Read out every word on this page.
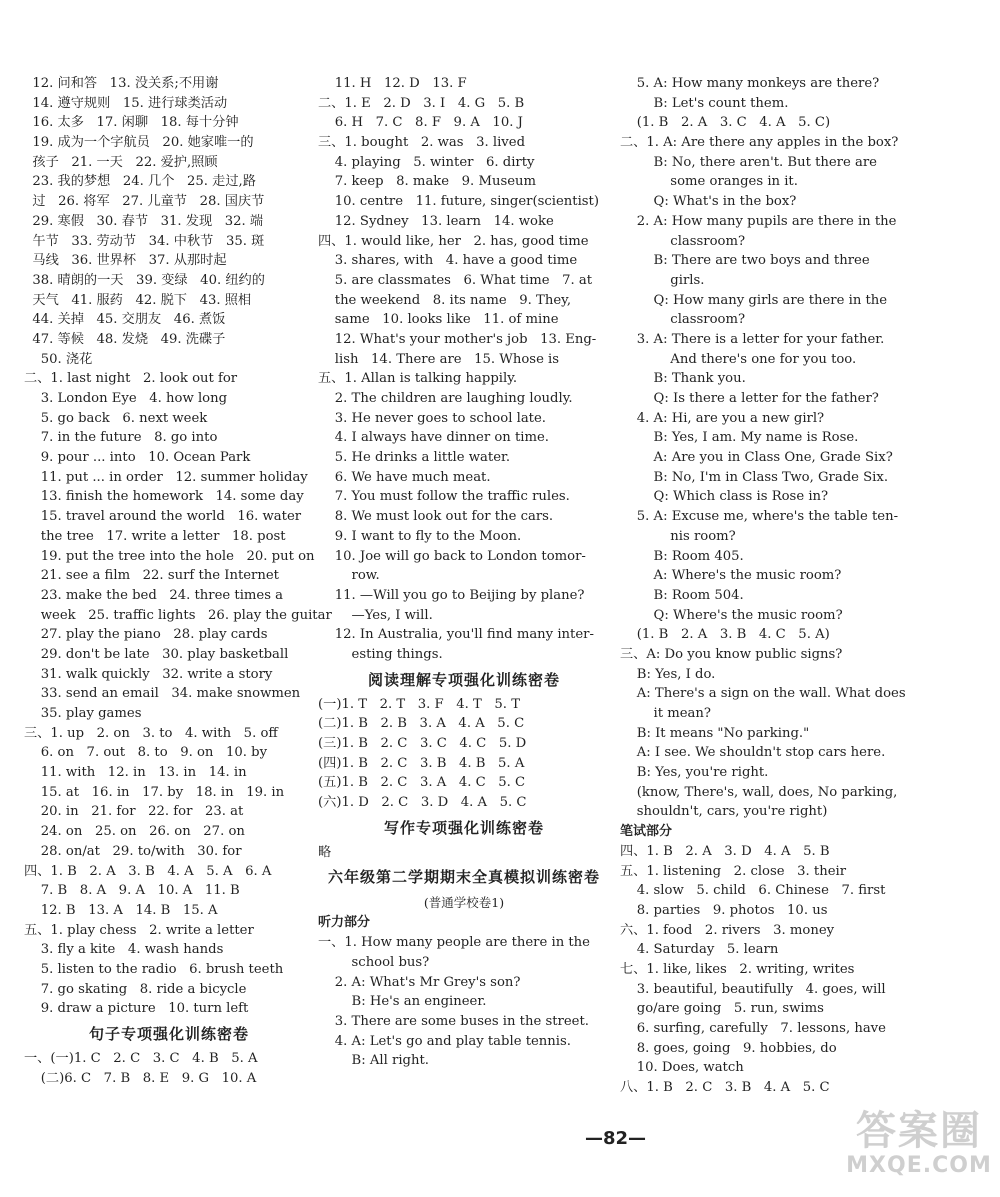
12. 问和答   13. 没关系;不用谢
14. 遵守规则   15. 进行球类活动
16. 太多   17. 闲聊   18. 每十分钟
19. 成为一个字航员   20. 她家唯一的
孩子   21. 一天   22. 爱护,照顾
23. 我的梦想   24. 几个   25. 走过,路
过   26. 将军   27. 儿童节   28. 国庆节
29. 寒假   30. 春节   31. 发现   32. 端
午节   33. 劳动节   34. 中秋节   35. 斑
马线   36. 世界杯   37. 从那时起
38. 晴朗的一天   39. 变绿   40. 纽约的
天气   41. 服药   42. 脱下   43. 照相
44. 关掉   45. 交朋友   46. 煮饭
47. 等候   48. 发烧   49. 洗碟子
50. 浇花
二、1. last night   2. look out for
3. London Eye   4. how long
5. go back   6. next week
7. in the future   8. go into
9. pour ... into   10. Ocean Park
11. put ... in order   12. summer holiday
13. finish the homework   14. some day
15. travel around the world   16. water
the tree   17. write a letter   18. post
19. put the tree into the hole   20. put on
21. see a film   22. surf the Internet
23. make the bed   24. three times a
week   25. traffic lights   26. play the guitar
27. play the piano   28. play cards
29. don't be late   30. play basketball
31. walk quickly   32. write a story
33. send an email   34. make snowmen
35. play games
三、1. up   2. on   3. to   4. with   5. off
6. on   7. out   8. to   9. on   10. by
11. with   12. in   13. in   14. in
15. at   16. in   17. by   18. in   19. in
20. in   21. for   22. for   23. at
24. on   25. on   26. on   27. on
28. on/at   29. to/with   30. for
四、1. B   2. A   3. B   4. A   5. A   6. A
7. B   8. A   9. A   10. A   11. B
12. B   13. A   14. B   15. A
五、1. play chess   2. write a letter
3. fly a kite   4. wash hands
5. listen to the radio   6. brush teeth
7. go skating   8. ride a bicycle
9. draw a picture   10. turn left
句子专项强化训练密卷
一、(一)1. C   2. C   3. C   4. B   5. A
(二)6. C   7. B   8. E   9. G   10. A
11. H   12. D   13. F
二、1. E   2. D   3. I   4. G   5. B
6. H   7. C   8. F   9. A   10. J
三、1. bought   2. was   3. lived
4. playing   5. winter   6. dirty
7. keep   8. make   9. Museum
10. centre   11. future, singer(scientist)
12. Sydney   13. learn   14. woke
四、1. would like, her   2. has, good time
3. shares, with   4. have a good time
5. are classmates   6. What time   7. at
the weekend   8. its name   9. They,
same   10. looks like   11. of mine
12. What's your mother's job   13. Eng-
lish   14. There are   15. Whose is
五、1. Allan is talking happily.
2. The children are laughing loudly.
3. He never goes to school late.
4. I always have dinner on time.
5. He drinks a little water.
6. We have much meat.
7. You must follow the traffic rules.
8. We must look out for the cars.
9. I want to fly to the Moon.
10. Joe will go back to London tomor-
row.
11. —Will you go to Beijing by plane?
—Yes, I will.
12. In Australia, you'll find many inter-
esting things.
阅读理解专项强化训练密卷
(一)1. T   2. T   3. F   4. T   5. T
(二)1. B   2. B   3. A   4. A   5. C
(三)1. B   2. C   3. C   4. C   5. D
(四)1. B   2. C   3. B   4. B   5. A
(五)1. B   2. C   3. A   4. C   5. C
(六)1. D   2. C   3. D   4. A   5. C
写作专项强化训练密卷
略
六年级第二学期期末全真模拟训练密卷
(普通学校卷1)
听力部分
一、1. How many people are there in the
school bus?
2. A: What's Mr Grey's son?
B: He's an engineer.
3. There are some buses in the street.
4. A: Let's go and play table tennis.
B: All right.
5. A: How many monkeys are there?
B: Let's count them.
(1. B   2. A   3. C   4. A   5. C)
二、1. A: Are there any apples in the box?
B: No, there aren't. But there are
some oranges in it.
Q: What's in the box?
2. A: How many pupils are there in the
classroom?
B: There are two boys and three
girls.
Q: How many girls are there in the
classroom?
3. A: There is a letter for your father.
And there's one for you too.
B: Thank you.
Q: Is there a letter for the father?
4. A: Hi, are you a new girl?
B: Yes, I am. My name is Rose.
A: Are you in Class One, Grade Six?
B: No, I'm in Class Two, Grade Six.
Q: Which class is Rose in?
5. A: Excuse me, where's the table ten-
nis room?
B: Room 405.
A: Where's the music room?
B: Room 504.
Q: Where's the music room?
(1. B   2. A   3. B   4. C   5. A)
三、A: Do you know public signs?
B: Yes, I do.
A: There's a sign on the wall. What does
it mean?
B: It means "No parking."
A: I see. We shouldn't stop cars here.
B: Yes, you're right.
(know, There's, wall, does, No parking,
shouldn't, cars, you're right)
笔试部分
四、1. B   2. A   3. D   4. A   5. B
五、1. listening   2. close   3. their
4. slow   5. child   6. Chinese   7. first
8. parties   9. photos   10. us
六、1. food   2. rivers   3. money
4. Saturday   5. learn
七、1. like, likes   2. writing, writes
3. beautiful, beautifully   4. goes, will
go/are going   5. run, swims
6. surfing, carefully   7. lessons, have
8. goes, going   9. hobbies, do
10. Does, watch
八、1. B   2. C   3. B   4. A   5. C
—82—	答案圈
MXQE.COM
